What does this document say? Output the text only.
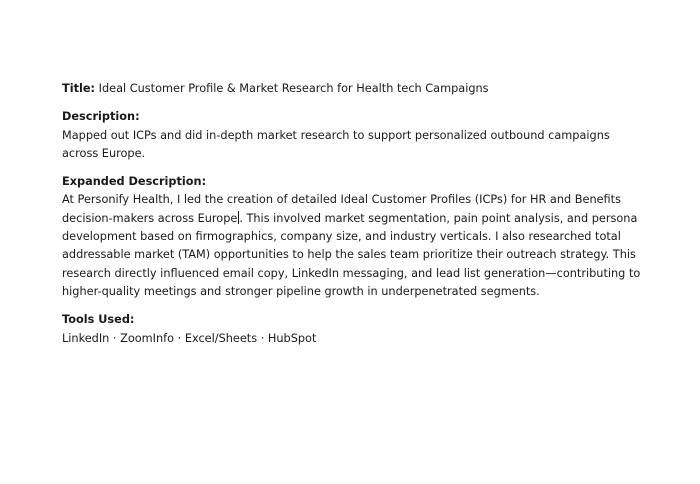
Title: Ideal Customer Profile & Market Research for Health tech Campaigns

Description:

Mapped out ICPs and did in-depth market research to support personalized outbound campaigns across Europe.

Expanded Description:

At Personify Health, I led the creation of detailed Ideal Customer Profiles (ICPs) for HR and Benefits decision-makers across Europe . This involved market segmentation, pain point analysis, and persona development based on firmographics, company size, and industry verticals. I also researched total addressable market (TAM) opportunities to help the sales team prioritize their outreach strategy. This research directly influenced email copy, LinkedIn messaging, and lead list generation—contributing to higher-quality meetings and stronger pipeline growth in underpenetrated segments.

Tools Used:

LinkedIn · ZoomInfo · Excel/Sheets · HubSpot
